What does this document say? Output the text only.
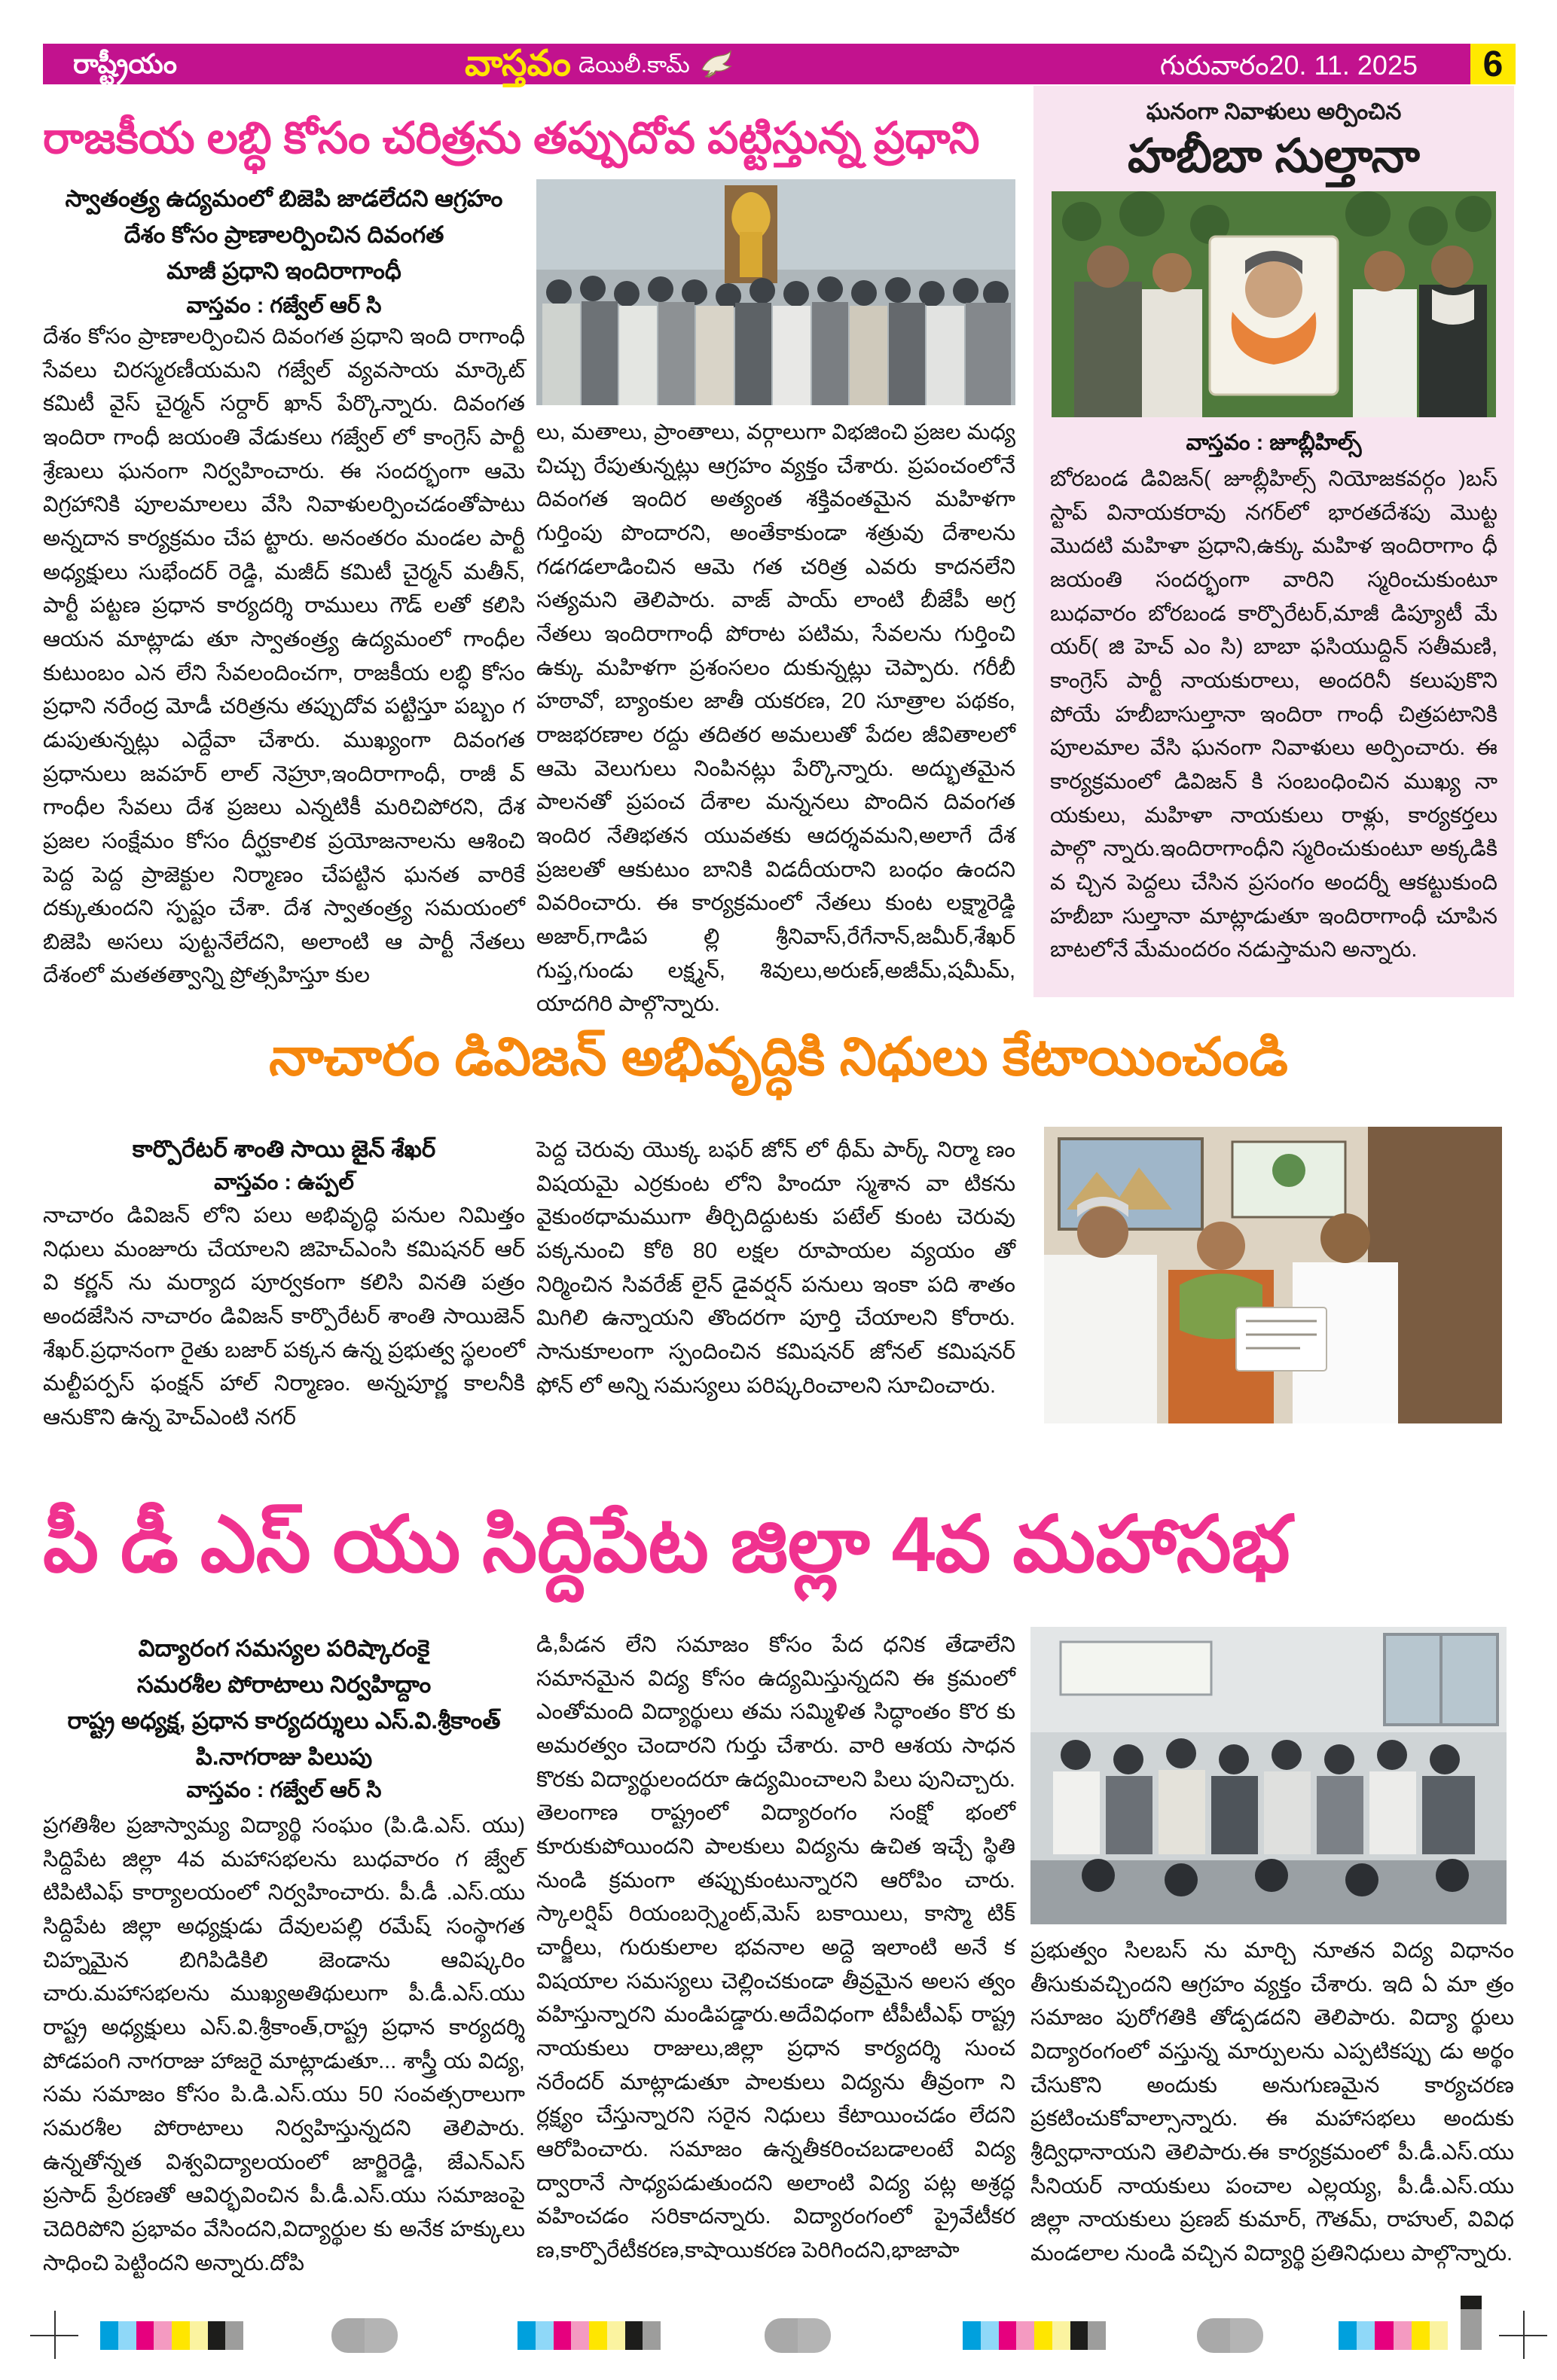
రాష్ట్రీయం	వాస్తవం డెయిలీ.కామ్	గురువారం20. 11. 2025	6
రాజకీయ లబ్ధి కోసం చరిత్రను తప్పుదోవ పట్టిస్తున్న ప్రధాని
స్వాతంత్ర్య ఉద్యమంలో బిజెపి జాడలేదని ఆగ్రహం
దేశం కోసం ప్రాణాలర్పించిన దివంగత
మాజీ ప్రధాని ఇందిరాగాంధీ
వాస్తవం : గజ్వేల్ ఆర్ సి
దేశం కోసం ప్రాణాలర్పించిన దివంగత ప్రధాని ఇంది రాగాంధీ సేవలు చిరస్మరణీయమని గజ్వేల్ వ్యవసాయ మార్కెట్ కమిటీ వైస్ చైర్మన్ సర్దార్ ఖాన్ పేర్కొన్నారు. దివంగత ఇందిరా గాంధీ జయంతి వేడుకలు గజ్వేల్ లో కాంగ్రెస్ పార్టీ శ్రేణులు ఘనంగా నిర్వహించారు. ఈ సందర్భంగా ఆమె విగ్రహానికి పూలమాలలు వేసి నివాళులర్పించడంతోపాటు అన్నదాన కార్యక్రమం చేప ట్టారు. అనంతరం మండల పార్టీ అధ్యక్షులు సుభేందర్ రెడ్డి, మజీద్ కమిటీ చైర్మన్ మతీన్, పార్టీ పట్టణ ప్రధాన కార్యదర్శి రాములు గౌడ్ లతో కలిసి ఆయన మాట్లాడు తూ స్వాతంత్ర్య ఉద్యమంలో గాంధీల కుటుంబం ఎన లేని సేవలందించగా, రాజకీయ లబ్ధి కోసం ప్రధాని నరేంద్ర మోడీ చరిత్రను తప్పుదోవ పట్టిస్తూ పబ్బం గ డుపుతున్నట్లు ఎద్దేవా చేశారు. ముఖ్యంగా దివంగత ప్రధానులు జవహర్ లాల్ నెహ్రూ,ఇందిరాగాంధీ, రాజీ వ్ గాంధీల సేవలు దేశ ప్రజలు ఎన్నటికీ మరిచిపోరని, దేశ ప్రజల సంక్షేమం కోసం దీర్ఘకాలిక ప్రయోజనాలను ఆశించి పెద్ద పెద్ద ప్రాజెక్టుల నిర్మాణం చేపట్టిన ఘనత వారికే దక్కుతుందని స్పష్టం చేశా. దేశ స్వాతంత్ర్య సమయంలో బిజెపి అసలు పుట్టనేలేదని, అలాంటి ఆ పార్టీ నేతలు దేశంలో మతతత్వాన్ని ప్రోత్సహిస్తూ కుల
లు, మతాలు, ప్రాంతాలు, వర్గాలుగా విభజించి ప్రజల మధ్య చిచ్చు రేపుతున్నట్లు ఆగ్రహం వ్యక్తం చేశారు. ప్రపంచంలోనే దివంగత ఇందిర అత్యంత శక్తివంతమైన మహిళగా గుర్తింపు పొందారని, అంతేకాకుండా శత్రువు దేశాలను గడగడలాడించిన ఆమె గత చరిత్ర ఎవరు కాదనలేని సత్యమని తెలిపారు. వాజ్ పాయ్ లాంటి బీజేపీ అగ్ర నేతలు ఇందిరాగాంధీ పోరాట పటిమ, సేవలను గుర్తించి ఉక్కు మహిళగా ప్రశంసలం దుకున్నట్లు చెప్పారు. గరీబీ హఠావో, బ్యాంకుల జాతీ యకరణ, 20 సూత్రాల పథకం, రాజభరణాల రద్దు తదితర అమలుతో పేదల జీవితాలలో ఆమె వెలుగులు నింపినట్లు పేర్కొన్నారు. అద్భుతమైన పాలనతో ప్రపంచ దేశాల మన్ననలు పొందిన దివంగత ఇందిర నేతిభతన యువతకు ఆదర్శవమని,అలాగే దేశ ప్రజలతో ఆకుటుం బానికి విడదీయరాని బంధం ఉందని వివరించారు. ఈ కార్యక్రమంలో నేతలు కుంట లక్ష్మారెడ్డి అజార్,గాడిప ల్లి శ్రీనివాస్,రేగేనాన్,జమీర్,శేఖర్ గుప్త,గుండు లక్ష్మన్, శివులు,అరుణ్,అజీమ్,షమీమ్, యాదగిరి పాల్గొన్నారు.
ఘనంగా నివాళులు అర్పించిన
హబీబా సుల్తానా
వాస్తవం : జూబ్లీహిల్స్
బోరబండ డివిజన్( జూబ్లీహిల్స్ నియోజకవర్గం )బస్ స్టాప్ వినాయకరావు నగర్‌లో భారతదేశపు మొట్ట మొదటి మహిళా ప్రధాని,ఉక్కు మహిళ ఇందిరాగాం ధీ జయంతి సందర్భంగా వారిని స్మరించుకుంటూ బుధవారం బోరబండ కార్పొరేటర్,మాజీ డిప్యూటీ మే యర్( జి హెచ్ ఎం సి) బాబా ఫసియుద్దిన్ సతీమణి, కాంగ్రెస్ పార్టీ నాయకురాలు, అందరినీ కలుపుకొని పోయే హబీబాసుల్తానా ఇందిరా గాంధీ చిత్రపటానికి పూలమాల వేసి ఘనంగా నివాళులు అర్పించారు. ఈ కార్యక్రమంలో డివిజన్ కి సంబంధించిన ముఖ్య నా యకులు, మహిళా నాయకులు రాళ్లు, కార్యకర్తలు పాల్గొ న్నారు.ఇందిరాగాంధీని స్మరించుకుంటూ అక్కడికి వ చ్చిన పెద్దలు చేసిన ప్రసంగం అందర్నీ ఆకట్టుకుంది హబీబా సుల్తానా మాట్లాడుతూ ఇందిరాగాంధీ చూపిన బాటలోనే మేమందరం నడుస్తామని అన్నారు.
నాచారం డివిజన్ అభివృద్ధికి నిధులు కేటాయించండి
కార్పొరేటర్ శాంతి సాయి జైన్ శేఖర్
వాస్తవం : ఉప్పల్
నాచారం డివిజన్ లోని పలు అభివృద్ధి పనుల నిమిత్తం నిధులు మంజూరు చేయాలని జిహెచ్ఎంసి కమిషనర్ ఆర్ వి కర్ణన్ ను మర్యాద పూర్వకంగా కలిసి వినతి పత్రం అందజేసిన నాచారం డివిజన్ కార్పొరేటర్ శాంతి సాయిజెన్ శేఖర్.ప్రధానంగా రైతు బజార్ పక్కన ఉన్న ప్రభుత్వ స్థలంలో మల్టీపర్పస్ ఫంక్షన్ హాల్ నిర్మాణం. అన్నపూర్ణ కాలనీకి ఆనుకొని ఉన్న హెచ్ఎంటి నగర్
పెద్ద చెరువు యొక్క బఫర్ జోన్ లో థీమ్ పార్క్ నిర్మా ణం విషయమై ఎర్రకుంట లోని హిందూ స్మశాన వా టికను వైకుంఠధామముగా తీర్చిదిద్దుటకు పటేల్ కుంట చెరువు పక్కనుంచి కోఠి 80 లక్షల రూపాయల వ్యయం తో నిర్మించిన సివరేజ్ లైన్ డైవర్షన్ పనులు ఇంకా పది శాతం మిగిలి ఉన్నాయని తొందరగా పూర్తి చేయాలని కోరారు. సానుకూలంగా స్పందించిన కమిషనర్ జోనల్ కమిషనర్ ఫోన్ లో అన్ని సమస్యలు పరిష్కరించాలని సూచించారు.
పీ డీ ఎస్ యు సిద్దిపేట జిల్లా 4వ మహాసభ
విద్యారంగ సమస్యల పరిష్కారంకై
సమరశీల పోరాటాలు నిర్వహిద్దాం
రాష్ట్ర అధ్యక్ష, ప్రధాన కార్యదర్శులు ఎస్.వి.శ్రీకాంత్
పి.నాగరాజు పిలుపు
వాస్తవం : గజ్వేల్ ఆర్ సి
ప్రగతిశీల ప్రజాస్వామ్య విద్యార్థి సంఘం (పి.డి.ఎస్. యు) సిద్దిపేట జిల్లా 4వ మహాసభలను బుధవారం గ జ్వేల్ టిపిటిఎఫ్ కార్యాలయంలో నిర్వహించారు. పీ.డీ .ఎస్.యు సిద్దిపేట జిల్లా అధ్యక్షుడు దేవులపల్లి రమేష్ సంస్థాగత చిహ్నమైన బిగిపిడికిలి జెండాను ఆవిష్కరిం చారు.మహాసభలను ముఖ్యఅతిథులుగా పీ.డీ.ఎస్.యు రాష్ట్ర అధ్యక్షులు ఎస్.వి.శ్రీకాంత్,రాష్ట్ర ప్రధాన కార్యదర్శి పోడపంగి నాగరాజు హాజరై మాట్లాడుతూ... శాస్త్రీ య విద్య, సమ సమాజం కోసం పి.డి.ఎస్.యు 50 సంవత్సరాలుగా సమరశీల పోరాటాలు నిర్వహిస్తున్నదని తెలిపారు. ఉన్నతోన్నత విశ్వవిద్యాలయంలో జార్జిరెడ్డి, జేఎన్ఎస్ ప్రసాద్ ప్రేరణతో ఆవిర్భవించిన పీ.డీ.ఎస్.యు సమాజంపై చెదిరిపోని ప్రభావం వేసిందని,విద్యార్థుల కు అనేక హక్కులు సాధించి పెట్టిందని అన్నారు.దోపి
డి,పీడన లేని సమాజం కోసం పేద ధనిక తేడాలేని సమానమైన విద్య కోసం ఉద్యమిస్తున్నదని ఈ క్రమంలో ఎంతోమంది విద్యార్థులు తమ సమ్మిళిత సిద్ధాంతం కొర కు అమరత్వం చెందారని గుర్తు చేశారు. వారి ఆశయ సాధన కొరకు విద్యార్థులందరూ ఉద్యమించాలని పిలు పునిచ్చారు. తెలంగాణ రాష్ట్రంలో విద్యారంగం సంక్షో భంలో కూరుకుపోయిందని పాలకులు విద్యను ఉచిత ఇచ్చే స్థితి నుండి క్రమంగా తప్పుకుంటున్నారని ఆరోపిం చారు. స్కాలర్షిప్ రియంబర్స్మెంట్,మెస్ బకాయిలు, కాస్మొ టిక్ చార్జీలు, గురుకులాల భవనాల అద్దె ఇలాంటి అనే క విషయాల సమస్యలు చెల్లించకుండా తీవ్రమైన అలస త్వం వహిస్తున్నారని మండిపడ్డారు.అదేవిధంగా టీపీటీఎఫ్ రాష్ట్ర నాయకులు రాజులు,జిల్లా ప్రధాన కార్యదర్శి సుంచ నరేందర్ మాట్లాడుతూ పాలకులు విద్యను తీవ్రంగా ని ర్లక్ష్యం చేస్తున్నారని సరైన నిధులు కేటాయించడం లేదని ఆరోపించారు. సమాజం ఉన్నతీకరించబడాలంటే విద్య ద్వారానే సాధ్యపడుతుందని అలాంటి విద్య పట్ల అశ్రద్ధ వహించడం సరికాదన్నారు. విద్యారంగంలో ప్రైవేటీకర ణ,కార్పొరేటీకరణ,కాషాయికరణ పెరిగిందని,భాజాపా
ప్రభుత్వం సిలబస్ ను మార్చి నూతన విద్య విధానం తీసుకువచ్చిందని ఆగ్రహం వ్యక్తం చేశారు. ఇది ఏ మా త్రం సమాజం పురోగతికి తోడ్పడదని తెలిపారు. విద్యా ర్థులు విద్యారంగంలో వస్తున్న మార్పులను ఎప్పటికప్పు డు అర్థం చేసుకొని అందుకు అనుగుణమైన కార్యచరణ ప్రకటించుకోవాల్సాన్నారు. ఈ మహాసభలు అందుకు శ్రీద్విధానాయని తెలిపారు.ఈ కార్యక్రమంలో పీ.డీ.ఎస్.యు సీనియర్ నాయకులు పంచాల ఎల్లయ్య, పీ.డీ.ఎస్.యు జిల్లా నాయకులు ప్రణబ్ కుమార్, గౌతమ్, రాహుల్, వివిధ మండలాల నుండి వచ్చిన విద్యార్థి ప్రతినిధులు పాల్గొన్నారు.
